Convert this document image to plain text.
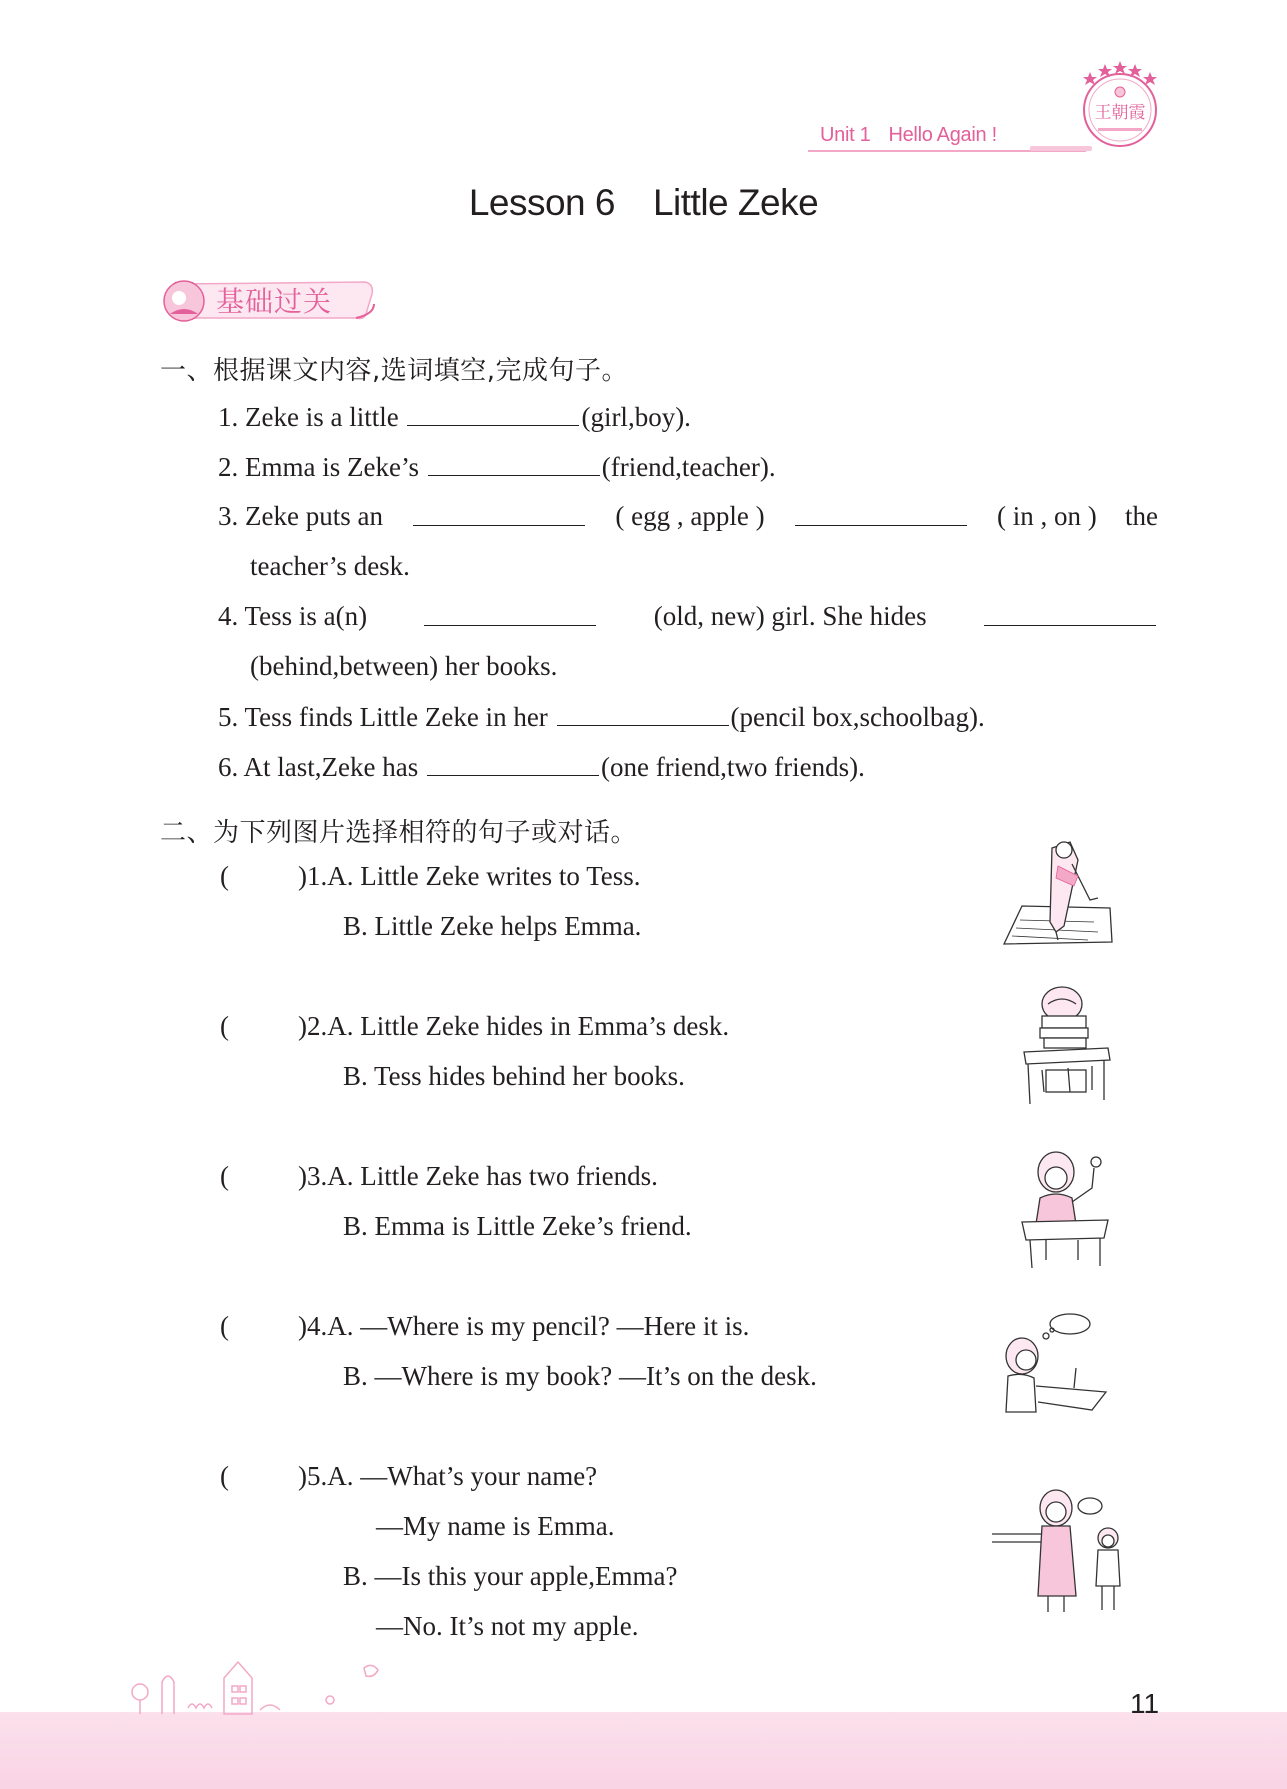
Unit 1 Hello Again !
王朝霞
Lesson 6 Little Zeke
基础过关
一、根据课文内容,选词填空,完成句子。
1. Zeke is a little	(girl,boy).
2. Emma is Zeke’s	(friend,teacher).
3. Zeke puts an	( egg , apple )	( in , on ) the
teacher’s desk.
4. Tess is a(n)	(old, new) girl. She hides
(behind,between) her books.
5. Tess finds Little Zeke in her	(pencil box,schoolbag).
6. At last,Zeke has	(one friend,two friends).
二、为下列图片选择相符的句子或对话。
(	)1.A. Little Zeke writes to Tess.
B. Little Zeke helps Emma.
(	)2.A. Little Zeke hides in Emma’s desk.
B. Tess hides behind her books.
(	)3.A. Little Zeke has two friends.
B. Emma is Little Zeke’s friend.
(	)4.A. —Where is my pencil? —Here it is.
B. —Where is my book? —It’s on the desk.
(	)5.A. —What’s your name?
—My name is Emma.
B. —Is this your apple,Emma?
—No. It’s not my apple.
11
